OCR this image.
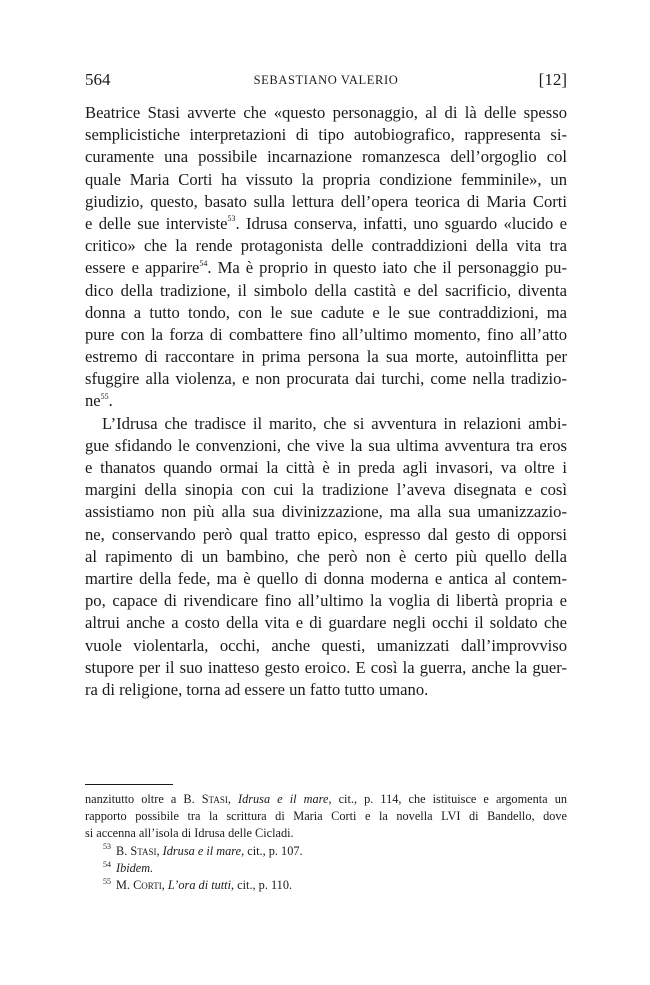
564	SEBASTIANO VALERIO	[12]
Beatrice Stasi avverte che «questo personaggio, al di là delle spesso
semplicistiche interpretazioni di tipo autobiografico, rappresenta si-
curamente una possibile incarnazione romanzesca dell’orgoglio col
quale Maria Corti ha vissuto la propria condizione femminile», un
giudizio, questo, basato sulla lettura dell’opera teorica di Maria Corti
e delle sue interviste$^{53}$. Idrusa conserva, infatti, uno sguardo «lucido e
critico» che la rende protagonista delle contraddizioni della vita tra
essere e apparire$^{54}$. Ma è proprio in questo iato che il personaggio pu-
dico della tradizione, il simbolo della castità e del sacrificio, diventa
donna a tutto tondo, con le sue cadute e le sue contraddizioni, ma
pure con la forza di combattere fino all’ultimo momento, fino all’atto
estremo di raccontare in prima persona la sua morte, autoinflitta per
sfuggire alla violenza, e non procurata dai turchi, come nella tradizio-
ne$^{55}$.
L’Idrusa che tradisce il marito, che si avventura in relazioni ambi-
gue sfidando le convenzioni, che vive la sua ultima avventura tra eros
e thanatos quando ormai la città è in preda agli invasori, va oltre i
margini della sinopia con cui la tradizione l’aveva disegnata e così
assistiamo non più alla sua divinizzazione, ma alla sua umanizzazio-
ne, conservando però qual tratto epico, espresso dal gesto di opporsi
al rapimento di un bambino, che però non è certo più quello della
martire della fede, ma è quello di donna moderna e antica al contem-
po, capace di rivendicare fino all’ultimo la voglia di libertà propria e
altrui anche a costo della vita e di guardare negli occhi il soldato che
vuole violentarla, occhi, anche questi, umanizzati dall’improvviso
stupore per il suo inatteso gesto eroico. E così la guerra, anche la guer-
ra di religione, torna ad essere un fatto tutto umano.
nanzitutto oltre a B. Stasi, Idrusa e il mare, cit., p. 114, che istituisce e argomenta un
rapporto possibile tra la scrittura di Maria Corti e la novella LVI di Bandello, dove
si accenna all’isola di Idrusa delle Cicladi.
$^{53}$ B. Stasi, Idrusa e il mare, cit., p. 107.
$^{54}$ Ibidem.
$^{55}$ M. Corti, L’ora di tutti, cit., p. 110.
